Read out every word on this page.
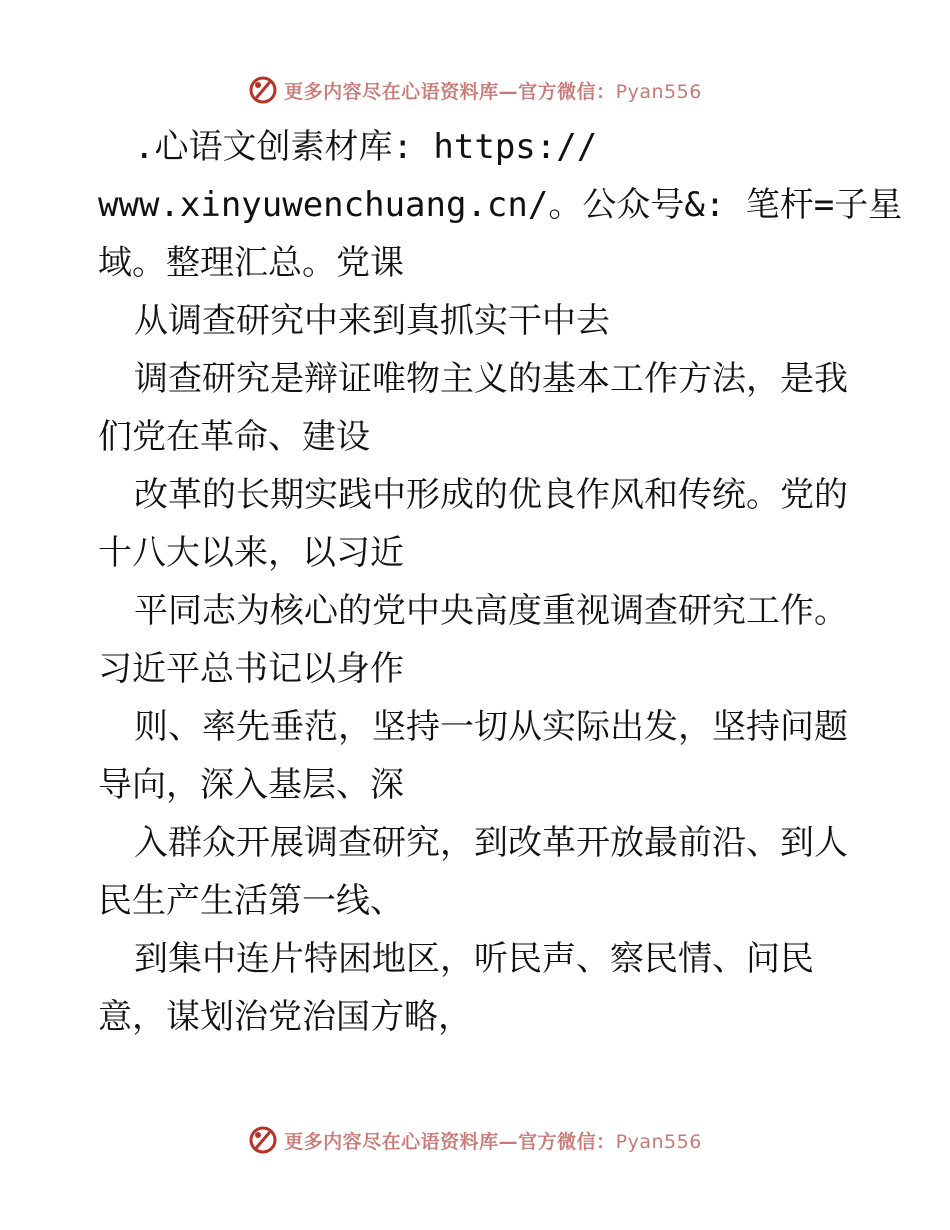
更多内容尽在心语资料库—官方微信：Pyan556
.心语文创素材库: https://
www.xinyuwenchuang.cn/。公众号&: 笔杆=子星
域。整理汇总。党课
从调查研究中来到真抓实干中去
调查研究是辩证唯物主义的基本工作方法，是我
们党在革命、建设
改革的长期实践中形成的优良作风和传统。党的
十八大以来，以习近
平同志为核心的党中央高度重视调查研究工作。
习近平总书记以身作
则、率先垂范，坚持一切从实际出发，坚持问题
导向，深入基层、深
入群众开展调查研究，到改革开放最前沿、到人
民生产生活第一线、
到集中连片特困地区，听民声、察民情、问民
意，谋划治党治国方略，
更多内容尽在心语资料库—官方微信：Pyan556
